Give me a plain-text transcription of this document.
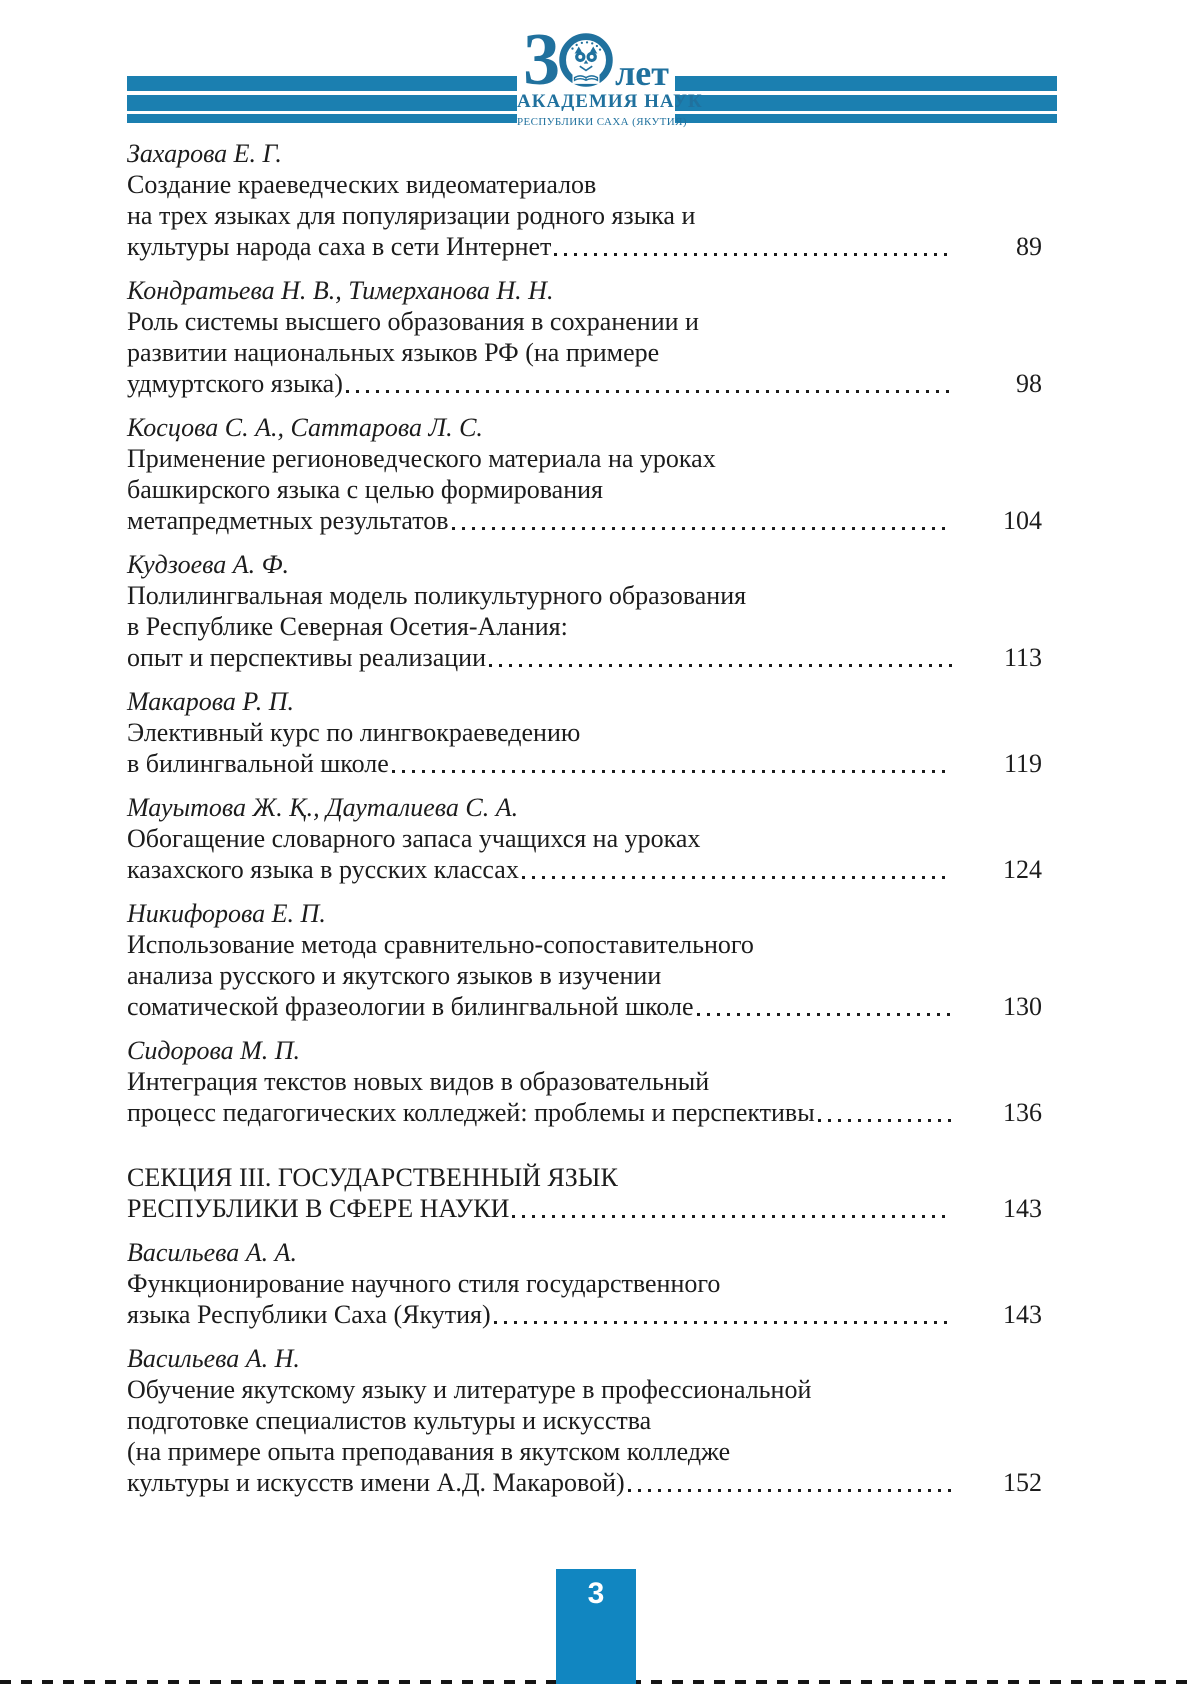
3 лет
АКАДЕМИЯ НАУК
РЕСПУБЛИКИ САХА (ЯКУТИЯ)
Захарова Е. Г.
Создание краеведческих видеоматериалов
на трех языках для популяризации родного языка и
культуры народа саха в сети Интернет	89
Кондратьева Н. В., Тимерханова Н. Н.
Роль системы высшего образования в сохранении и
развитии национальных языков РФ (на примере
удмуртского языка)	98
Косцова С. А., Саттарова Л. С.
Применение регионоведческого материала на уроках
башкирского языка с целью формирования
метапредметных результатов	104
Кудзоева А. Ф.
Полилингвальная модель поликультурного образования
в Республике Северная Осетия-Алания:
опыт и перспективы реализации	113
Макарова Р. П.
Элективный курс по лингвокраеведению
в билингвальной школе	119
Мауытова Ж. Қ., Дауталиева С. А.
Обогащение словарного запаса учащихся на уроках
казахского языка в русских классах	124
Никифорова Е. П.
Использование метода сравнительно-сопоставительного
анализа русского и якутского языков в изучении
соматической фразеологии в билингвальной школе	130
Сидорова М. П.
Интеграция текстов новых видов в образовательный
процесс педагогических колледжей: проблемы и перспективы	136
СЕКЦИЯ III. ГОСУДАРСТВЕННЫЙ ЯЗЫК
РЕСПУБЛИКИ В СФЕРЕ НАУКИ	143
Васильева А. А.
Функционирование научного стиля государственного
языка Республики Саха (Якутия)	143
Васильева А. Н.
Обучение якутскому языку и литературе в профессиональной
подготовке специалистов культуры и искусства
(на примере опыта преподавания в якутском колледже
культуры и искусств имени А.Д. Макаровой)	152
3
